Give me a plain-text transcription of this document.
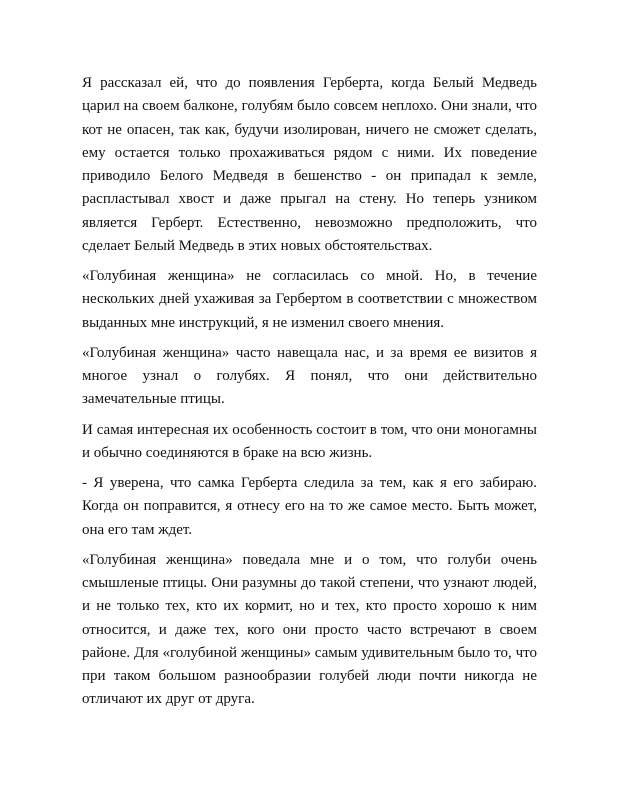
Я рассказал ей, что до появления Герберта, когда Белый Медведь царил на своем балконе, голубям было совсем неплохо. Они знали, что кот не опасен, так как, будучи изолирован, ничего не сможет сделать, ему остается только прохаживаться рядом с ними. Их поведение приводило Белого Медведя в бешенство - он припадал к земле, распластывал хвост и даже прыгал на стену. Но теперь узником является Герберт. Естественно, невозможно предположить, что сделает Белый Медведь в этих новых обстоятельствах.

«Голубиная женщина» не согласилась со мной. Но, в течение нескольких дней ухаживая за Гербертом в соответствии с множеством выданных мне инструкций, я не изменил своего мнения.

«Голубиная женщина» часто навещала нас, и за время ее визитов я многое узнал о голубях. Я понял, что они действительно замечательные птицы.

И самая интересная их особенность состоит в том, что они моногамны и обычно соединяются в браке на всю жизнь.

- Я уверена, что самка Герберта следила за тем, как я его забираю. Когда он поправится, я отнесу его на то же самое место. Быть может, она его там ждет.

«Голубиная женщина» поведала мне и о том, что голуби очень смышленые птицы. Они разумны до такой степени, что узнают людей, и не только тех, кто их кормит, но и тех, кто просто хорошо к ним относится, и даже тех, кого они просто часто встречают в своем районе. Для «голубиной женщины» самым удивительным было то, что при таком большом разнообразии голубей люди почти никогда не отличают их друг от друга.
